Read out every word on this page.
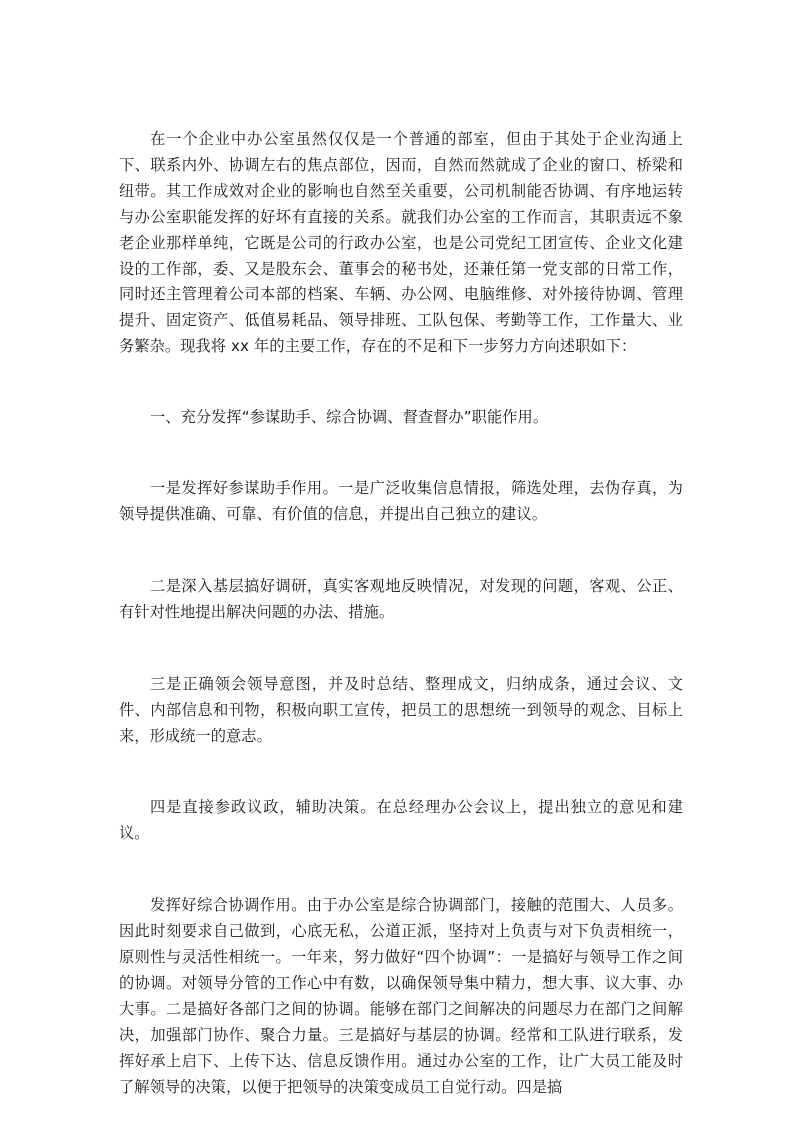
在一个企业中办公室虽然仅仅是一个普通的部室，但由于其处于企业沟通上下、联系内外、协调左右的焦点部位，因而，自然而然就成了企业的窗口、桥梁和纽带。其工作成效对企业的影响也自然至关重要，公司机制能否协调、有序地运转与办公室职能发挥的好坏有直接的关系。就我们办公室的工作而言，其职责远不象老企业那样单纯，它既是公司的行政办公室，也是公司党纪工团宣传、企业文化建设的工作部，委、又是股东会、董事会的秘书处，还兼任第一党支部的日常工作，同时还主管理着公司本部的档案、车辆、办公网、电脑维修、对外接待协调、管理提升、固定资产、低值易耗品、领导排班、工队包保、考勤等工作，工作量大、业务繁杂。现我将 xx 年的主要工作，存在的不足和下一步努力方向述职如下：

一、充分发挥“参谋助手、综合协调、督查督办”职能作用。

一是发挥好参谋助手作用。一是广泛收集信息情报，筛选处理，去伪存真，为领导提供准确、可靠、有价值的信息，并提出自己独立的建议。

二是深入基层搞好调研，真实客观地反映情况，对发现的问题，客观、公正、有针对性地提出解决问题的办法、措施。

三是正确领会领导意图，并及时总结、整理成文，归纳成条，通过会议、文件、内部信息和刊物，积极向职工宣传，把员工的思想统一到领导的观念、目标上来，形成统一的意志。

四是直接参政议政，辅助决策。在总经理办公会议上，提出独立的意见和建议。

发挥好综合协调作用。由于办公室是综合协调部门，接触的范围大、人员多。因此时刻要求自己做到，心底无私，公道正派，坚持对上负责与对下负责相统一，原则性与灵活性相统一。一年来，努力做好“四个协调”：一是搞好与领导工作之间的协调。对领导分管的工作心中有数，以确保领导集中精力，想大事、议大事、办大事。二是搞好各部门之间的协调。能够在部门之间解决的问题尽力在部门之间解决，加强部门协作、聚合力量。三是搞好与基层的协调。经常和工队进行联系，发挥好承上启下、上传下达、信息反馈作用。通过办公室的工作，让广大员工能及时了解领导的决策，以便于把领导的决策变成员工自觉行动。四是搞
